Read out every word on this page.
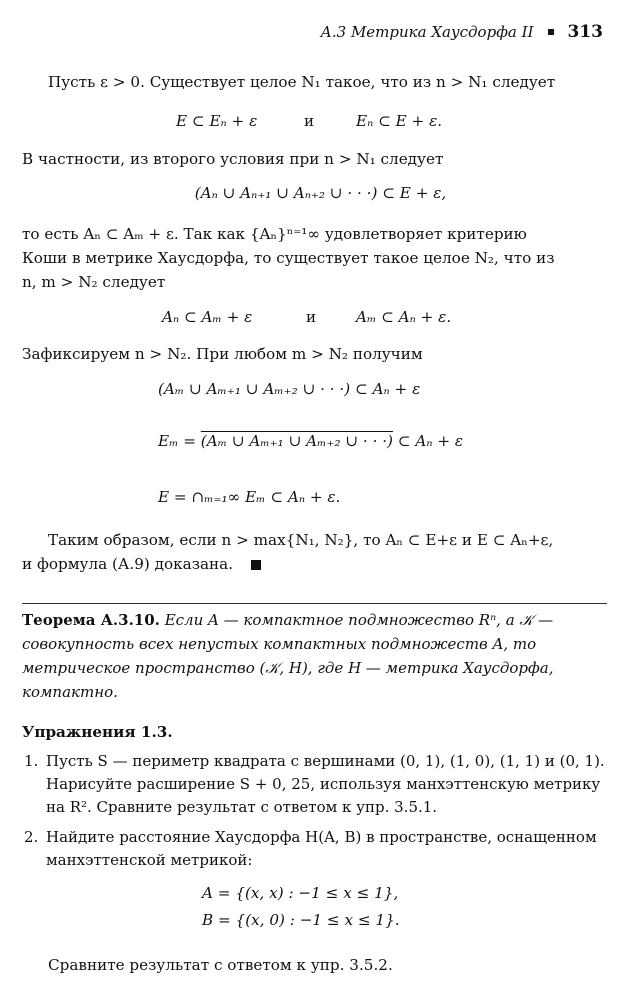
А.3 Метрика Хаусдорфа II 313
Пусть ε > 0. Существует целое N₁ такое, что из n > N₁ следует
E ⊂ Eₙ + ε	и	Eₙ ⊂ E + ε.
В частности, из второго условия при n > N₁ следует
(Aₙ ∪ Aₙ₊₁ ∪ Aₙ₊₂ ∪ · · ·) ⊂ E + ε,
то есть Aₙ ⊂ Aₘ + ε. Так как {Aₙ}ⁿ⁼¹∞ удовлетворяет критерию
Коши в метрике Хаусдорфа, то существует такое целое N₂, что из
n, m > N₂ следует
Aₙ ⊂ Aₘ + ε	и	Aₘ ⊂ Aₙ + ε.
Зафиксируем n > N₂. При любом m > N₂ получим
(Aₘ ∪ Aₘ₊₁ ∪ Aₘ₊₂ ∪ · · ·) ⊂ Aₙ + ε
Eₘ = (Aₘ ∪ Aₘ₊₁ ∪ Aₘ₊₂ ∪ · · ·) ⊂ Aₙ + ε
E = ∩ₘ₌₁∞ Eₘ ⊂ Aₙ + ε.
Таким образом, если n > max{N₁, N₂}, то Aₙ ⊂ E+ε и E ⊂ Aₙ+ε,
и формула (А.9) доказана.
Теорема А.3.10. Если A — компактное подмножество Rⁿ, а 𝒦 — совокупность всех непустых компактных подмножеств A, то метрическое пространство (𝒦, H), где H — метрика Хаусдорфа, компактно.
Упражнения 1.3.
1. Пусть S — периметр квадрата с вершинами (0, 1), (1, 0), (1, 1) и (0, 1). Нарисуйте расширение S + 0, 25, используя манхэттенскую метрику на R². Сравните результат с ответом к упр. 3.5.1.
2. Найдите расстояние Хаусдорфа H(A, B) в пространстве, оснащенном манхэттенской метрикой:
A = {(x, x) : −1 ≤ x ≤ 1},
B = {(x, 0) : −1 ≤ x ≤ 1}.
Сравните результат с ответом к упр. 3.5.2.
